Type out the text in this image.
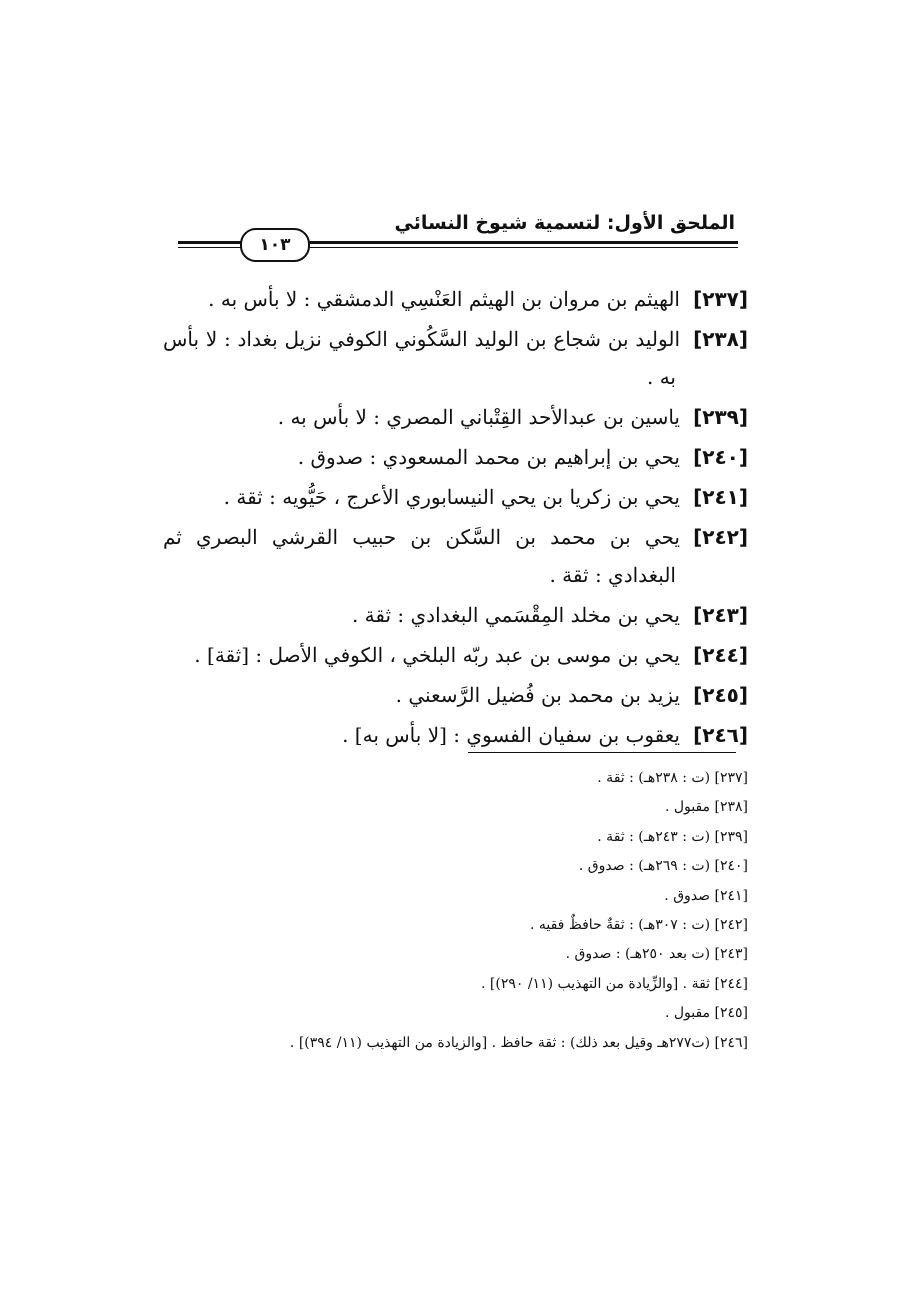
الملحق الأول: لتسمية شيوخ النسائي
١٠٣

[٢٣٧]الهيثم بن مروان بن الهيثم العَنْسِي الدمشقي : لا بأس به .

[٢٣٨]الوليد بن شجاع بن الوليد السَّكُوني الكوفي نزيل بغداد : لا بأس به .

[٢٣٩]ياسين بن عبدالأحد القِتْباني المصري : لا بأس به .

[٢٤٠]يحي بن إبراهيم بن محمد المسعودي : صدوق .

[٢٤١]يحي بن زكريا بن يحي النيسابوري الأعرج ، حَيُّويه : ثقة .

[٢٤٢]يحي بن محمد بن السَّكن بن حبيب القرشي البصري ثم البغدادي : ثقة .

[٢٤٣]يحي بن مخلد المِقْسَمي البغدادي : ثقة .

[٢٤٤]يحي بن موسى بن عبد ربّه البلخي ، الكوفي الأصل : [ثقة] .

[٢٤٥]يزيد بن محمد بن فُضيل الرَّسعني .

[٢٤٦]يعقوب بن سفيان الفسوي : [لا بأس به] .

[٢٣٧] (ت : ٢٣٨هـ) : ثقة .

[٢٣٨] مقبول .

[٢٣٩] (ت : ٢٤٣هـ) : ثقة .

[٢٤٠] (ت : ٢٦٩هـ) : صدوق .

[٢٤١] صدوق .

[٢٤٢] (ت : ٣٠٧هـ) : ثقةٌ حافظٌ فقيه .

[٢٤٣] (ت بعد ٢٥٠هـ) : صدوق .

[٢٤٤] ثقة . [والزِّيادة من التهذيب (١١/ ٢٩٠)] .

[٢٤٥] مقبول .

[٢٤٦] (ت٢٧٧هـ وقيل بعد ذلك) : ثقة حافظ . [والزيادة من التهذيب (١١/ ٣٩٤)] .
